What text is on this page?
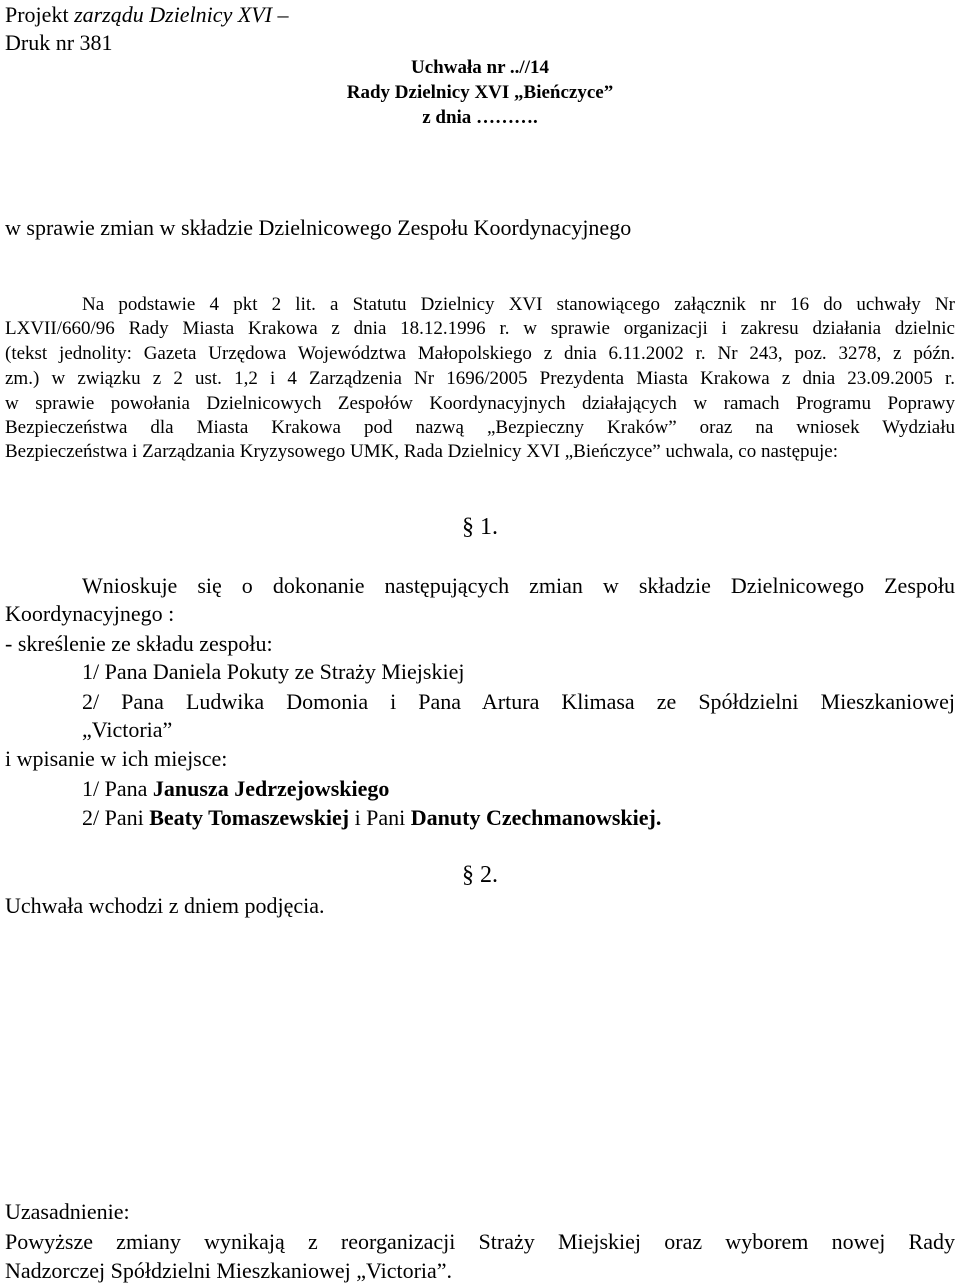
Projekt zarządu Dzielnicy XVI –
Druk nr 381
Uchwała nr ..//14
Rady Dzielnicy XVI „Bieńczyce”
z dnia ……….
w sprawie zmian w składzie Dzielnicowego Zespołu Koordynacyjnego
Na podstawie 4 pkt 2 lit. a Statutu Dzielnicy XVI stanowiącego załącznik nr 16 do uchwały Nr
LXVII/660/96 Rady Miasta Krakowa z dnia 18.12.1996 r. w sprawie organizacji i zakresu działania dzielnic
(tekst jednolity: Gazeta Urzędowa Województwa Małopolskiego z dnia 6.11.2002 r. Nr 243, poz. 3278, z późn.
zm.) w związku z 2 ust. 1,2 i 4 Zarządzenia Nr 1696/2005 Prezydenta Miasta Krakowa z dnia 23.09.2005 r.
w sprawie powołania Dzielnicowych Zespołów Koordynacyjnych działających w ramach Programu Poprawy
Bezpieczeństwa dla Miasta Krakowa pod nazwą „Bezpieczny Kraków” oraz na wniosek Wydziału
Bezpieczeństwa i Zarządzania Kryzysowego UMK, Rada Dzielnicy XVI „Bieńczyce” uchwala, co następuje:
§ 1.
Wnioskuje się o dokonanie następujących zmian w składzie Dzielnicowego Zespołu
Koordynacyjnego :
- skreślenie ze składu zespołu:
1/ Pana Daniela Pokuty ze Straży Miejskiej
2/ Pana Ludwika Domonia i Pana Artura Klimasa ze Spółdzielni Mieszkaniowej
„Victoria”
i wpisanie w ich miejsce:
1/ Pana Janusza Jedrzejowskiego
2/ Pani Beaty Tomaszewskiej i Pani Danuty Czechmanowskiej.
§ 2.
Uchwała wchodzi z dniem podjęcia.
Uzasadnienie:
Powyższe zmiany wynikają z reorganizacji Straży Miejskiej oraz wyborem nowej Rady
Nadzorczej Spółdzielni Mieszkaniowej „Victoria”.
